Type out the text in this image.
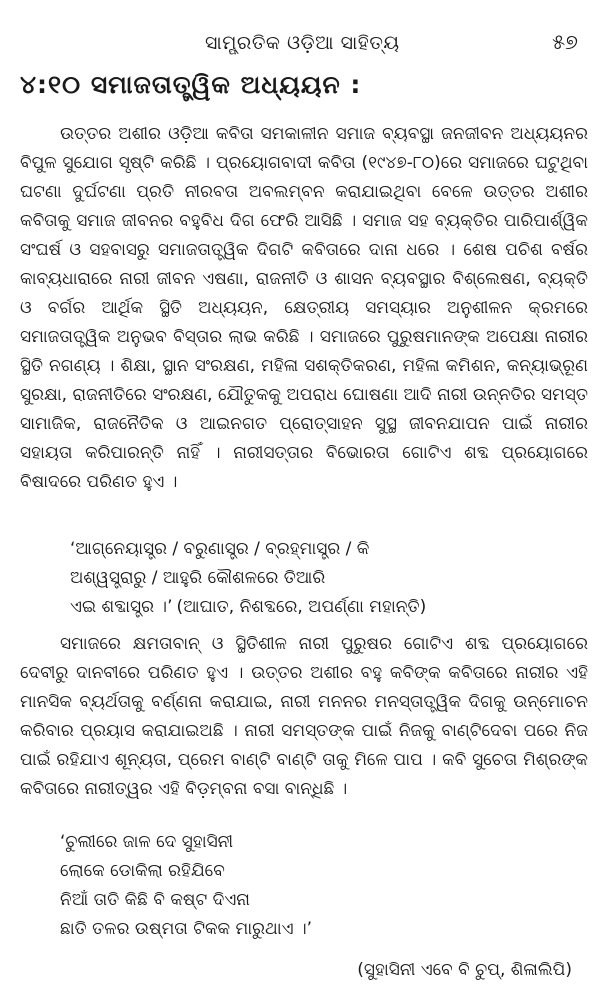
ସାମ୍ପ୍ରତିକ ଓଡ଼ିଆ ସାହିତ୍ୟ	୫୭
୪:୧୦ ସମାଜତାତ୍ତ୍ୱିକ ଅଧ୍ୟୟନ :

ଉତ୍ତର ଅଶୀର ଓଡ଼ିଆ କବିତା ସମକାଳୀନ ସମାଜ ବ୍ୟବସ୍ଥା ଜନଜୀବନ ଅଧ୍ୟୟନର ବିପୁଳ ସୁଯୋଗ ସୃଷ୍ଟି କରିଛି । ପ୍ରୟୋଗବାଦୀ କବିତା (୧୯୪୭-୮୦)ରେ ସମାଜରେ ଘଟୁଥିବା ଘଟଣା ଦୁର୍ଘଟଣା ପ୍ରତି ନୀରବତା ଅବଲମ୍ବନ କରାଯାଇଥିବା ବେଳେ ଉତ୍ତର ଅଶୀର କବିତାକୁ ସମାଜ ଜୀବନର ବହୁବିଧ ଦିଗ ଫେରି ଆସିଛି । ସମାଜ ସହ ବ୍ୟକ୍ତିର ପାରିପାର୍ଶ୍ୱିକ ସଂଘର୍ଷ ଓ ସହବାସରୁ ସମାଜତାତ୍ତ୍ୱିକ ଦିଗଟି କବିତାରେ ଦାନା ଧରେ । ଶେଷ ପଚିଶ ବର୍ଷର କାବ୍ୟଧାରାରେ ନାରୀ ଜୀବନ ଏଷଣା, ରାଜନୀତି ଓ ଶାସନ ବ୍ୟବସ୍ଥାର ବିଶ୍ଲେଷଣ, ବ୍ୟକ୍ତି ଓ ବର୍ଗର ଆର୍ଥିକ ସ୍ଥିତି ଅଧ୍ୟୟନ, କ୍ଷେତ୍ରୀୟ ସମସ୍ୟାର ଅନୁଶୀଳନ କ୍ରମରେ ସମାଜତାତ୍ତ୍ୱିକ ଅନୁଭବ ବିସ୍ତାର ଲାଭ କରିଛି । ସମାଜରେ ପୁରୁଷମାନଙ୍କ ଅପେକ୍ଷା ନାରୀର ସ୍ଥିତି ନଗଣ୍ୟ । ଶିକ୍ଷା, ସ୍ଥାନ ସଂରକ୍ଷଣ, ମହିଳା ସଶକ୍ତିକରଣ, ମହିଳା କମିଶନ, କନ୍ୟାଭ୍ରୂଣ ସୁରକ୍ଷା, ରାଜନୀତିରେ ସଂରକ୍ଷଣ, ଯୌତୁକକୁ ଅପରାଧ ଘୋଷଣା ଆଦି ନାରୀ ଉନ୍ନତିର ସମସ୍ତ ସାମାଜିକ, ରାଜନୈତିକ ଓ ଆଇନଗତ ପ୍ରୋତ୍ସାହନ ସୁସ୍ଥ ଜୀବନଯାପନ ପାଇଁ ନାରୀର ସହାୟତା କରିପାରନ୍ତି ନାହିଁ । ନାରୀସତ୍ତାର ବିଭୋରତା ଗୋଟିଏ ଶବ୍ଦ ପ୍ରୟୋଗରେ ବିଷାଦରେ ପରିଣତ ହୁଏ ।

‘ଆଗ୍ନେୟାସ୍ତ୍ର / ବରୁଣାସ୍ତ୍ର / ବ୍ରହ୍ମାସ୍ତ୍ର / କି
ଅଶ୍ୱସ୍ତ୍ରାରୁ / ଆହୁରି କୌଶଳରେ ତିଆରି
ଏଇ ଶବ୍ଦାସ୍ତ୍ର ।’ (ଆଘାତ, ନିଶବ୍ଦରେ, ଅପର୍ଣ୍ଣା ମହାନ୍ତି)

ସମାଜରେ କ୍ଷମତାବାନ୍ ଓ ସ୍ଥିତିଶୀଳ ନାରୀ ପୁରୁଷର ଗୋଟିଏ ଶବ୍ଦ ପ୍ରୟୋଗରେ ଦେବୀରୁ ଦାନବୀରେ ପରିଣତ ହୁଏ । ଉତ୍ତର ଅଶୀର ବହୁ କବିଙ୍କ କବିତାରେ ନାରୀର ଏହି ମାନସିକ ବ୍ୟର୍ଥତାକୁ ବର୍ଣ୍ଣନା କରାଯାଇ, ନାରୀ ମନନର ମନସ୍ତାତ୍ତ୍ୱିକ ଦିଗକୁ ଉନ୍ମୋଚନ କରିବାର ପ୍ରୟାସ କରାଯାଇଅଛି । ନାରୀ ସମସ୍ତଙ୍କ ପାଇଁ ନିଜକୁ ବାଣ୍ଟିଦେବା ପରେ ନିଜ ପାଇଁ ରହିଯାଏ ଶୂନ୍ୟତା, ପ୍ରେମ ବାଣ୍ଟି ବାଣ୍ଟି ତାକୁ ମିଳେ ପାପ । କବି ସୁଚେତା ମିଶ୍ରଙ୍କ କବିତାରେ ନାରୀତ୍ୱର ଏହି ବିଡ଼ମ୍ବନା ବସା ବାନ୍ଧିଛି ।

‘ଚୁଲୀରେ ଜାଳ ଦେ ସୁହାସିନୀ
ଲୋକେ ଡୋକିଲା ରହିଯିବେ
ନିଆଁ ତାତି କିଛି ବି କଷ୍ଟ ଦିଏନା
ଛାତି ତଳର ଉଷ୍ମତା ଟିକକ ମାରୁଥାଏ ।’
(ସୁହାସିନୀ ଏବେ ବି ଚୁପ୍, ଶିଳାଲିପି)
